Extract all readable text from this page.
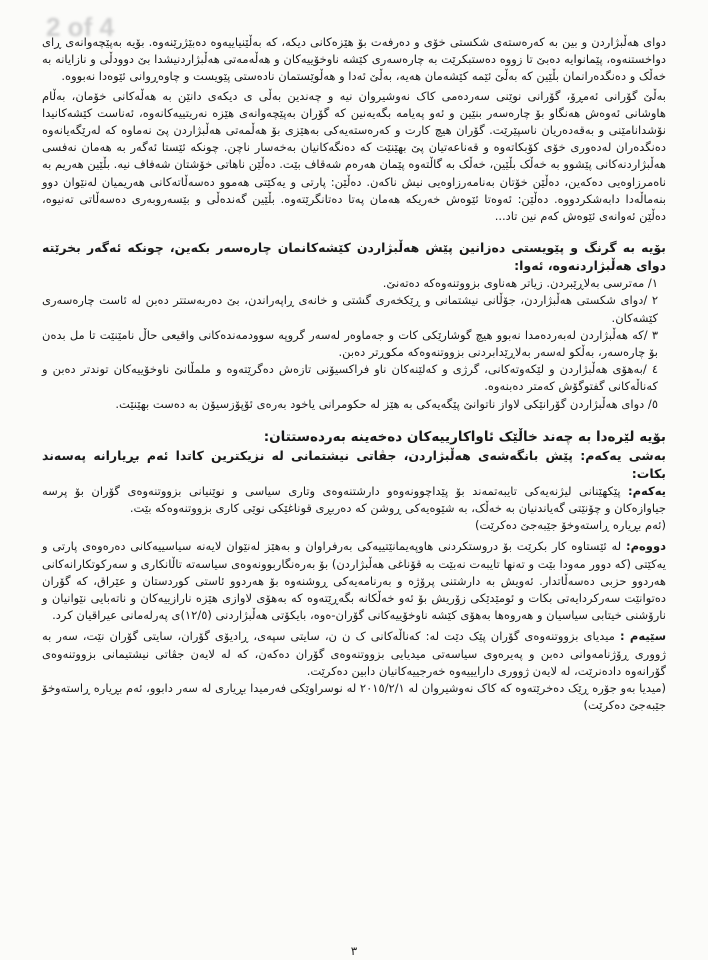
2 of 4

دوای هەڵبژاردن و بین بە کەرەستەی شکستی خۆی و دەرفەت بۆ هێزەکانی دیکە، کە بەڵێنیاییەوە دەبێژرێنەوە. بۆیە بەپێچەوانەی ڕای دواخستنەوە، پێمانوایە دەبێ تا زووە دەستبکرێت بە چارەسەری کێشە ناوخۆییەکان و هەڵەمەتی هەڵبژاردنیشدا بێ دوودڵی و نازایانە بە خەڵک و دەنگدەرانمان بڵێین کە بەڵێ ئێمە کێشەمان هەیە، بەڵێ ئەدا و هەڵوێستمان نادەستی پێویست و چاوەڕوانی ئێوەدا نەبووە.

بەڵێ گۆرانی ئەمڕۆ، گۆرانی نوێنی سەردەمی کاک نەوشیروان نیە و چەندین بەڵی ی دیکەی دانێن بە هەڵەکانی خۆمان، بەڵام هاوشانی ئەوەش هەنگاو بۆ چارەسەر بنێین و ئەو پەیامە بگەیەنین کە گۆران بەپێچەوانەی هێزە نەریتییەکانەوە، ئەناست کێشەکانیدا نۆشدانامێنی و بەقەدەریان ناسپێرێت. گۆران هیچ کارت و کەرەستەیەکی بەهێزی بۆ هەڵمەتی هەڵبژاردن پێ نەماوە کە لەرێگەیانەوە دەنگدەران لەدەوری خۆی کۆبکاتەوە و قەناعەتیان پێ بهێنێت کە دەنگەکانیان بەخەسار ناچن. چونکە ئێستا ئەگەر بە هەمان نەفسی هەڵبژاردنەکانی پێشوو بە خەڵک بڵێین، خەڵک بە گاڵتەوە پێمان هەرەم شەقاف بێت. دەڵێن ناهاتی خۆشتان شەفاف نیە. بڵێین هەریم بە ناەمرزاوەیی دەکەین، دەڵێن خۆتان بەنامەرزاوەیی نیش ناکەن. دەڵێن: پارتی و یەکێتی هەموو دەسەڵاتەکانی هەریمیان لەنێوان دوو بنەماڵەدا دابەشکردووە. دەڵێن: ئەوەتا ئێوەش خەریکە هەمان پەتا دەتانگرێتەوە. بڵێین گەندەڵی و بێسەروبەری دەسەڵاتی تەنیوە، دەڵێن ئەوانەی ئێوەش کەم نین تاد...

بۆیە بە گرنگ و پێویستی دەزانین پێش هەڵبژاردن کێشەکانمان چارەسەر بکەین، چونکە ئەگەر بخرێتە دوای هەڵبژاردنەوە، ئەوا:

١/ مەترسی بەلاڕێبردن. زیاتر هەناوی بزووتنەوەکە دەتەنێ.

٢ /دوای شکستی هەڵبژاردن، جۆڵانی نیشتمانی و ڕێکخەری گشتی و خانەی ڕاپەراندن، بێ دەربەستتر دەبن لە ئاست چارەسەری کێشەکان.

٣ /کە هەڵبژاردن لەبەردەمدا نەبوو هیچ گوشارێکی کات و جەماوەر لەسەر گروپە سوودمەندەکانی واقیعی حاڵ نامێنێت تا مل بدەن بۆ چارەسەر، بەڵکو لەسەر بەلاڕێدابردنی بزووتنەوەکە مکوڕتر دەبن.

٤ /بەهۆی هەڵبژاردن و لێکەوتەکانی، گرژی و کەلێنەکان ناو فراکسیۆنی تازەش دەگرێتەوە و ملمڵانێ ناوخۆییەکان توندتر دەبن و کەناڵەکانی گفتوگۆش کەمتر دەبنەوە.

٥/ دوای هەڵبژاردن گۆرانێکی لاواز ناتوانێ پێگەیەکی بە هێز لە حکومرانی یاخود بەرەی ئۆپۆزسیۆن بە دەست بهێنێت.

بۆیە لێرەدا بە چەند خاڵێک ئاواکارییەکان دەخەینە بەردەستتان:

بەشی یەکەم: پێش بانگەشەی هەڵبژاردن، جڤاتی نیشتمانی لە نزیکترین کاتدا ئەم بڕیارانە پەسەند بکات:

یەکەم: پێکهێنانی لیژنەیەکی تایبەتمەند بۆ پێداچوونەوەو دارشتنەوەی وتاری سیاسی و نوێنیانی بزووتنەوەی گۆران بۆ پرسە جیاوازەکان و چۆنێتی گەیاندنیان بە خەڵک، بە شێوەیەکی ڕوشن کە دەربڕی قوناغێکی نوێی کاری بزووتنەوەکە بێت.

(ئەم بڕیارە ڕاستەوخۆ جێبەجێ دەکرێت)

دووەم: لە ئێستاوە کار بکرێت بۆ دروستکردنی هاوپەیمانێتییەکی بەرفراوان و بەهێز لەنێوان لایەنە سیاسییەکانی دەرەوەی پارتی و یەکێتی (کە دوور مەودا بێت و تەنها تایبەت نەبێت بە قۆناغی هەڵبژاردن) بۆ بەرەنگاربوونەوەی سیاسەتە تاڵانکاری و سەرکوتکارانەکانی هەردوو حزبی دەسەڵاتدار. ئەویش بە دارشتنی پرۆژە و بەرنامەیەکی ڕوشنەوە بۆ هەردوو ئاستی کوردستان و عێراق، کە گۆران دەتوانێت سەرکردایەتی بکات و ئومێدێکی زۆریش بۆ ئەو خەڵکانە بگەڕێتەوە کە بەهۆی لاوازی هێزە نارازییەکان و ناتەبایی نێوانیان و نارۆشنی خیتابی سیاسیان و هەروەها بەهۆی کێشە ناوخۆییەکانی گۆران-ەوە، بایکۆتی هەڵبژاردنی (١٢/٥)ی پەرلەمانی عیراقیان کرد.

سێیەم : میدیای بزووتنەوەی گۆران پێک دێت لە: کەناڵەکانی ک ن ن، سایتی سپەی، ڕادیۆی گۆران، سایتی گۆران نێت، سەر بە ژووری ڕۆژنامەوانی دەبن و پەیرەوی سیاسەتی میدیایی بزووتنەوەی گۆران دەکەن، کە لە لایەن جڤاتی نیشتیمانی بزووتنەوەی گۆرانەوە دادەنرێت، لە لایەن ژووری دارایییەوە خەرجییەکانیان دابین دەکرێت.

(میدیا بەو جۆرە ڕێک دەخرێتەوە کە کاک نەوشیروان لە ٢٠١٥/٢/١ لە نوسراوێکی فەرمیدا بڕیاری لە سەر دابوو، ئەم بڕیارە ڕاستەوخۆ جێبەجێ دەکرێت)

٣
